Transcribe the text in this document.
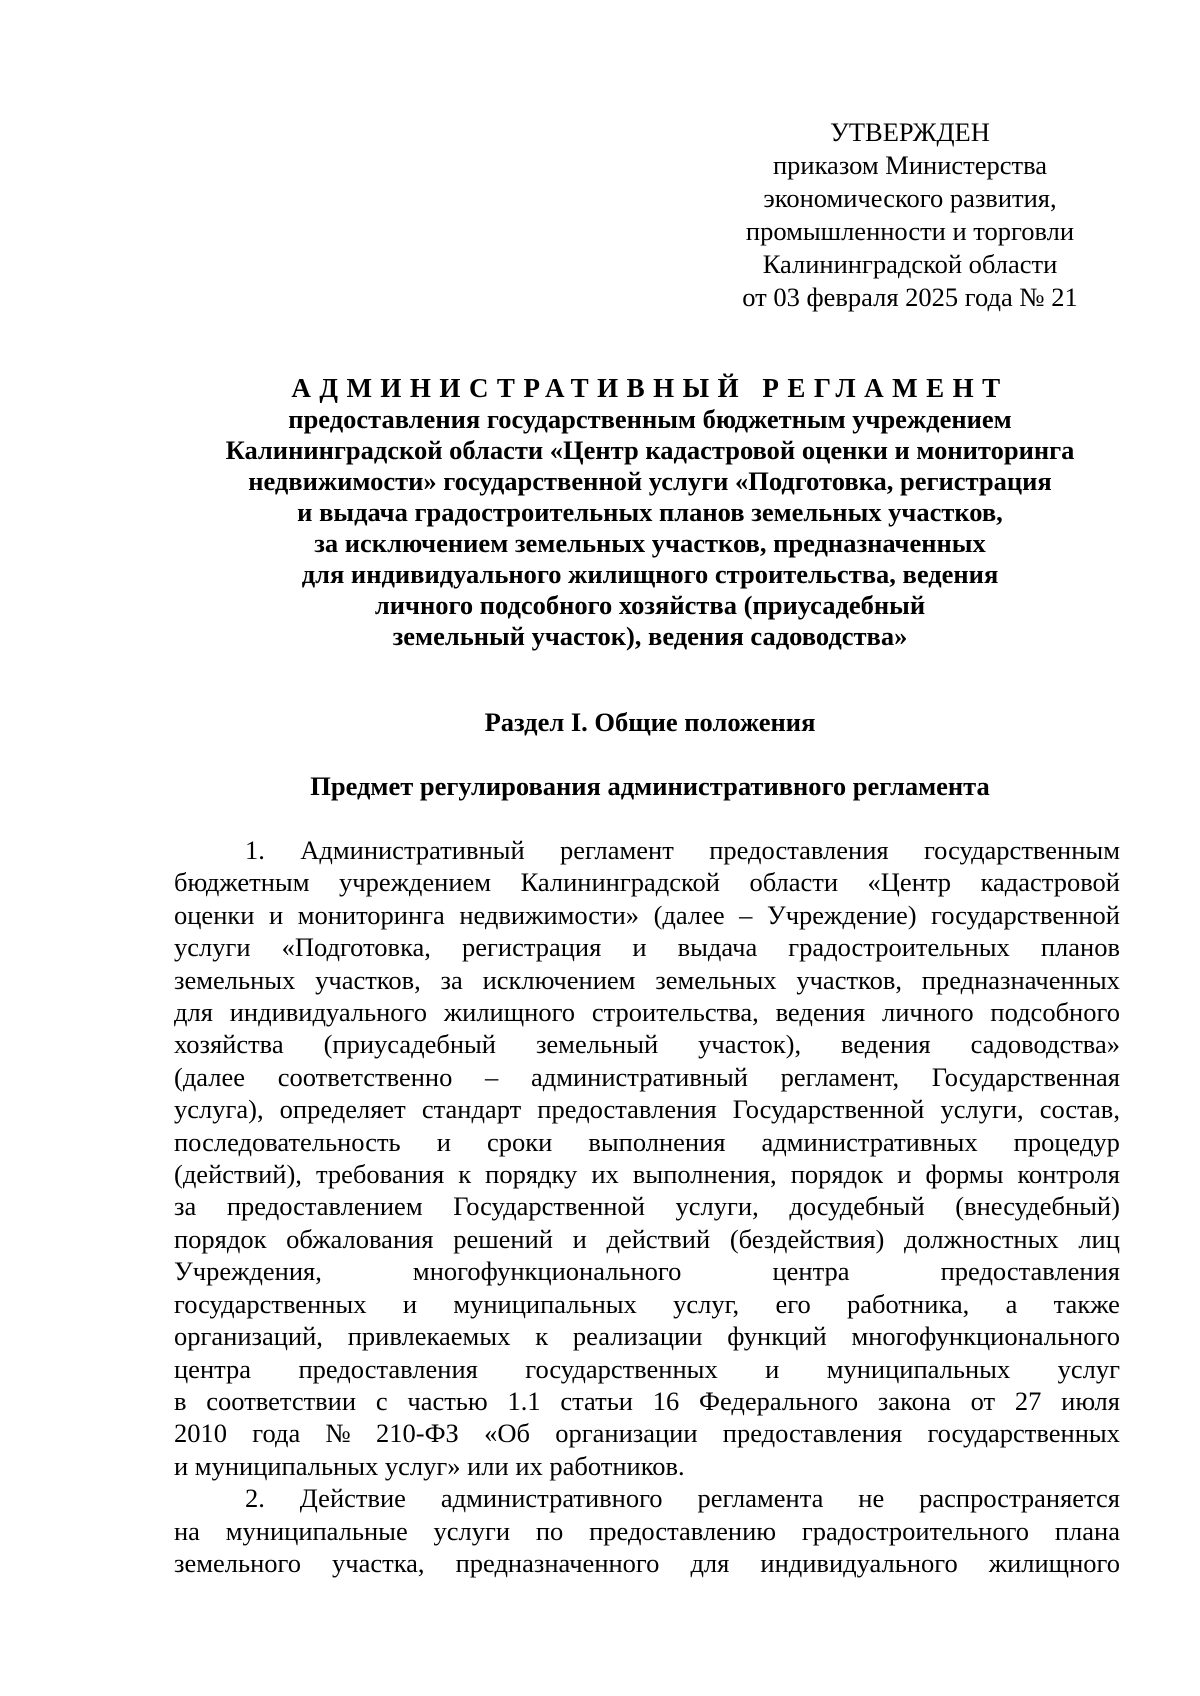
УТВЕРЖДЕН
приказом Министерства
экономического развития,
промышленности и торговли
Калининградской области
от 03 февраля 2025 года № 21
АДМИНИСТРАТИВНЫЙ РЕГЛАМЕНТ
предоставления государственным бюджетным учреждением
Калининградской области «Центр кадастровой оценки и мониторинга
недвижимости» государственной услуги «Подготовка, регистрация
и выдача градостроительных планов земельных участков,
за исключением земельных участков, предназначенных
для индивидуального жилищного строительства, ведения
личного подсобного хозяйства (приусадебный
земельный участок), ведения садоводства»
Раздел I. Общие положения
Предмет регулирования административного регламента
1. Административный регламент предоставления государственным
бюджетным учреждением Калининградской области «Центр кадастровой
оценки и мониторинга недвижимости» (далее – Учреждение) государственной
услуги «Подготовка, регистрация и выдача градостроительных планов
земельных участков, за исключением земельных участков, предназначенных
для индивидуального жилищного строительства, ведения личного подсобного
хозяйства (приусадебный земельный участок), ведения садоводства»
(далее соответственно – административный регламент, Государственная
услуга), определяет стандарт предоставления Государственной услуги, состав,
последовательность и сроки выполнения административных процедур
(действий), требования к порядку их выполнения, порядок и формы контроля
за предоставлением Государственной услуги, досудебный (внесудебный)
порядок обжалования решений и действий (бездействия) должностных лиц
Учреждения,	многофункционального	центра	предоставления
государственных и муниципальных услуг, его работника, а также
организаций, привлекаемых к реализации функций многофункционального
центра предоставления государственных и муниципальных услуг
в соответствии с частью 1.1 статьи 16 Федерального закона от 27 июля
2010 года № 210-ФЗ «Об организации предоставления государственных
и муниципальных услуг» или их работников.
2. Действие административного регламента не распространяется
на муниципальные услуги по предоставлению градостроительного плана
земельного участка, предназначенного для индивидуального жилищного
